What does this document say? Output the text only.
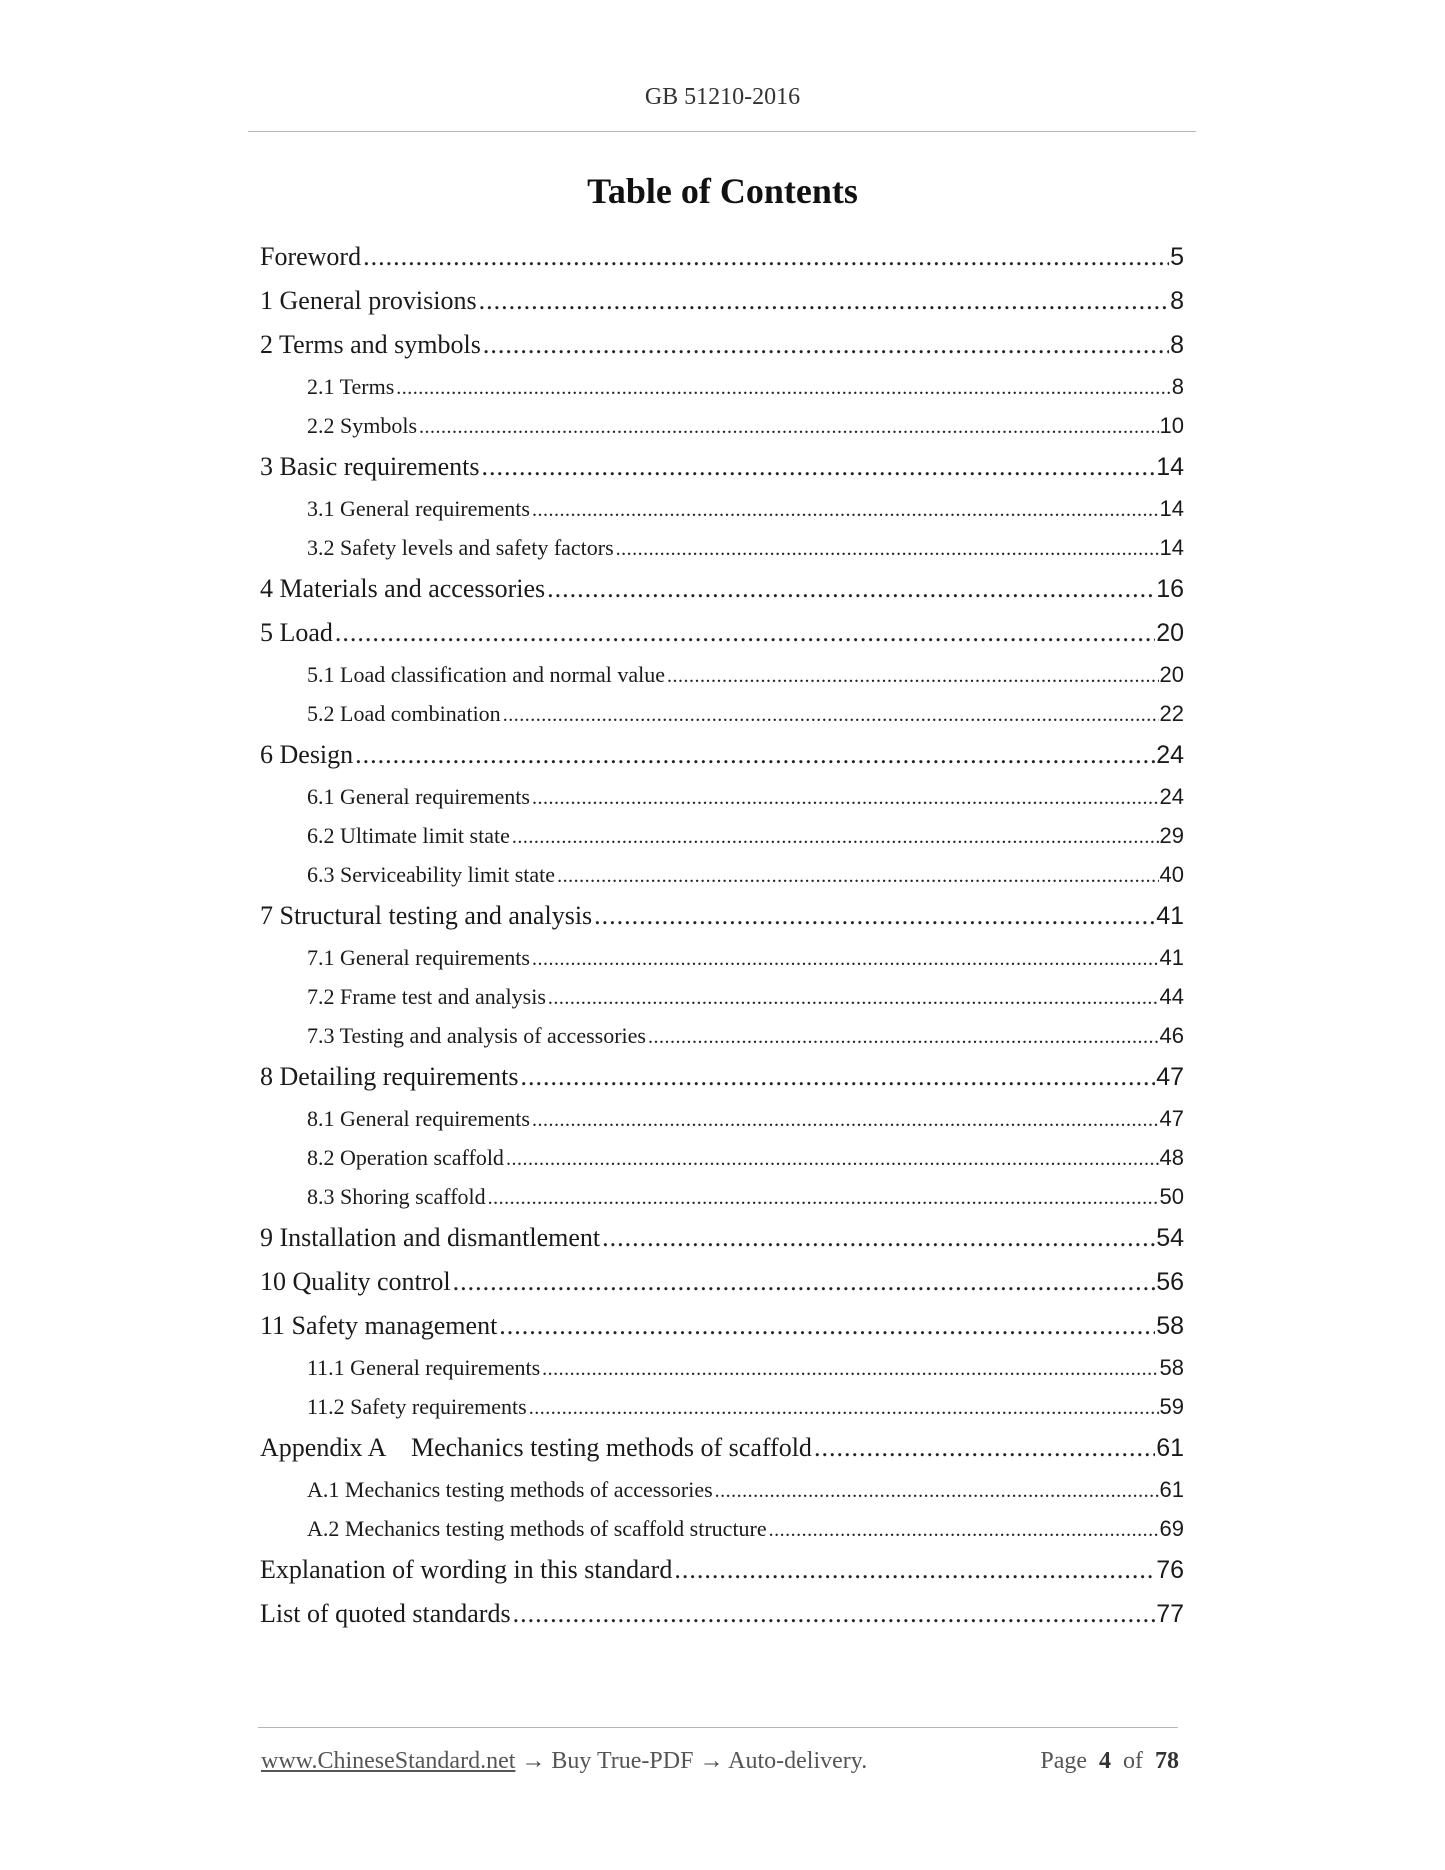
GB 51210-2016
Table of Contents
Foreword .....	5
1 General provisions .....	8
2 Terms and symbols .....	8
2.1 Terms .....	8
2.2 Symbols .....	10
3 Basic requirements .....	14
3.1 General requirements .....	14
3.2 Safety levels and safety factors .....	14
4 Materials and accessories .....	16
5 Load .....	20
5.1 Load classification and normal value .....	20
5.2 Load combination .....	22
6 Design .....	24
6.1 General requirements .....	24
6.2 Ultimate limit state .....	29
6.3 Serviceability limit state .....	40
7 Structural testing and analysis .....	41
7.1 General requirements .....	41
7.2 Frame test and analysis .....	44
7.3 Testing and analysis of accessories .....	46
8 Detailing requirements .....	47
8.1 General requirements .....	47
8.2 Operation scaffold .....	48
8.3 Shoring scaffold .....	50
9 Installation and dismantlement .....	54
10 Quality control .....	56
11 Safety management .....	58
11.1 General requirements .....	58
11.2 Safety requirements .....	59
Appendix A    Mechanics testing methods of scaffold .....	61
A.1 Mechanics testing methods of accessories .....	61
A.2 Mechanics testing methods of scaffold structure .....	69
Explanation of wording in this standard .....	76
List of quoted standards .....	77
www.ChineseStandard.net → Buy True-PDF → Auto-delivery.	Page 4 of 78
